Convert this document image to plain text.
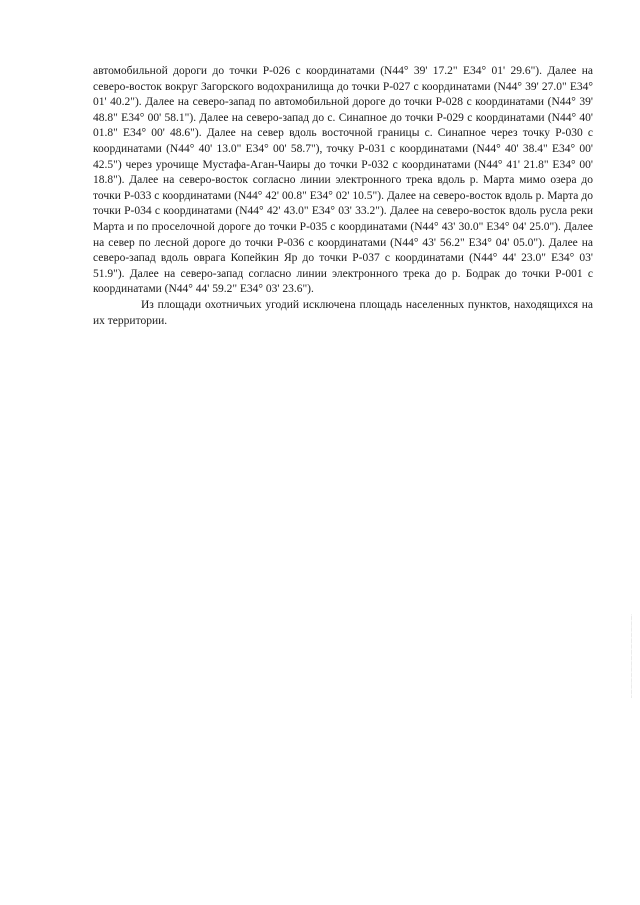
автомобильной дороги до точки Р-026 с координатами (N44° 39' 17.2" E34° 01' 29.6"). Далее на северо-восток вокруг Загорского водохранилища до точки Р-027 с координатами (N44° 39' 27.0" E34° 01' 40.2"). Далее на северо-запад по автомобильной дороге до точки Р-028 с координатами (N44° 39' 48.8" E34° 00' 58.1"). Далее на северо-запад до с. Синапное до точки Р-029 с координатами (N44° 40' 01.8" E34° 00' 48.6"). Далее на север вдоль восточной границы с. Синапное через точку Р-030 с координатами (N44° 40' 13.0" E34° 00' 58.7"), точку Р-031 с координатами (N44° 40' 38.4" E34° 00' 42.5") через урочище Мустафа-Аган-Чаиры до точки Р-032 с координатами (N44° 41' 21.8" E34° 00' 18.8"). Далее на северо-восток согласно линии электронного трека вдоль р. Марта мимо озера до точки Р-033 с координатами (N44° 42' 00.8" E34° 02' 10.5"). Далее на северо-восток вдоль р. Марта до точки Р-034 с координатами (N44° 42' 43.0" E34° 03' 33.2"). Далее на северо-восток вдоль русла реки Марта и по проселочной дороге до точки Р-035 с координатами (N44° 43' 30.0" E34° 04' 25.0"). Далее на север по лесной дороге до точки Р-036 с координатами (N44° 43' 56.2" E34° 04' 05.0"). Далее на северо-запад вдоль оврага Копейкин Яр до точки Р-037 с координатами (N44° 44' 23.0" E34° 03' 51.9"). Далее на северо-запад согласно линии электронного трека до р. Бодрак до точки Р-001 с координатами (N44° 44' 59.2" E34° 03' 23.6").

Из площади охотничьих угодий исключена площадь населенных пунктов, находящихся на их территории.

·····································································
